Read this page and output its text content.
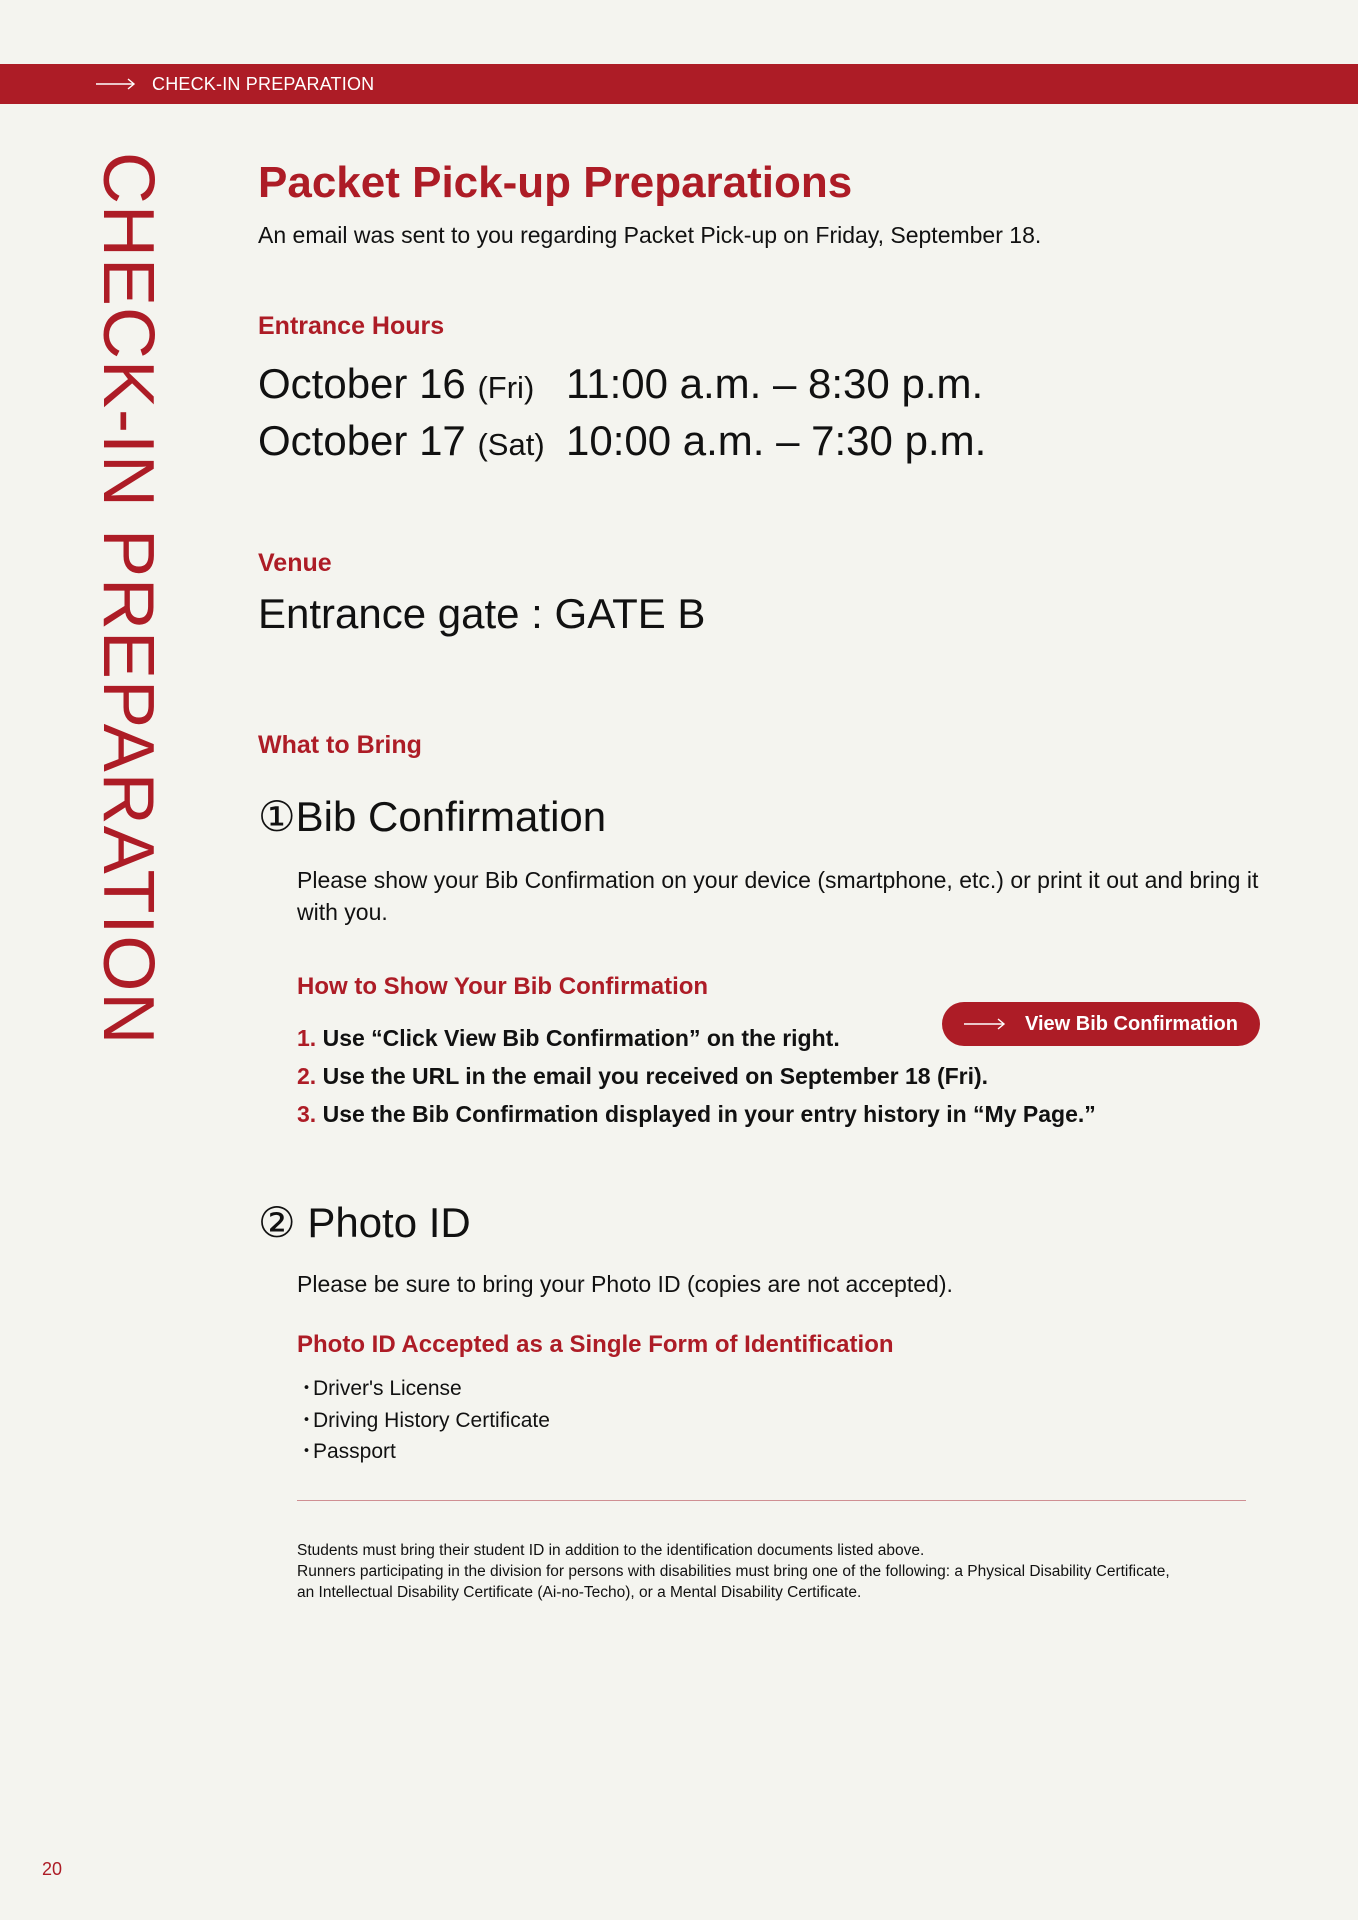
CHECK-IN PREPARATION
CHECK-IN PREPARATION Packet Pick-up Preparations
An email was sent to you regarding Packet Pick-up on Friday, September 18.
Entrance Hours
October 16 (Fri) 11:00 a.m. – 8:30 p.m.
October 17 (Sat) 10:00 a.m. – 7:30 p.m.
Venue
Entrance gate : GATE B
What to Bring
①Bib Confirmation
Please show your Bib Confirmation on your device (smartphone, etc.) or print it out and bring it with you.
How to Show Your Bib Confirmation
View Bib Confirmation
1. Use “Click View Bib Confirmation” on the right.
2. Use the URL in the email you received on September 18 (Fri).
3. Use the Bib Confirmation displayed in your entry history in “My Page.”
② Photo ID
Please be sure to bring your Photo ID (copies are not accepted).
Photo ID Accepted as a Single Form of Identification
・ Driver's License
・ Driving History Certificate
・ Passport
Students must bring their student ID in addition to the identification documents listed above.
Runners participating in the division for persons with disabilities must bring one of the following: a Physical Disability Certificate,
an Intellectual Disability Certificate (Ai-no-Techo), or a Mental Disability Certificate.
20
